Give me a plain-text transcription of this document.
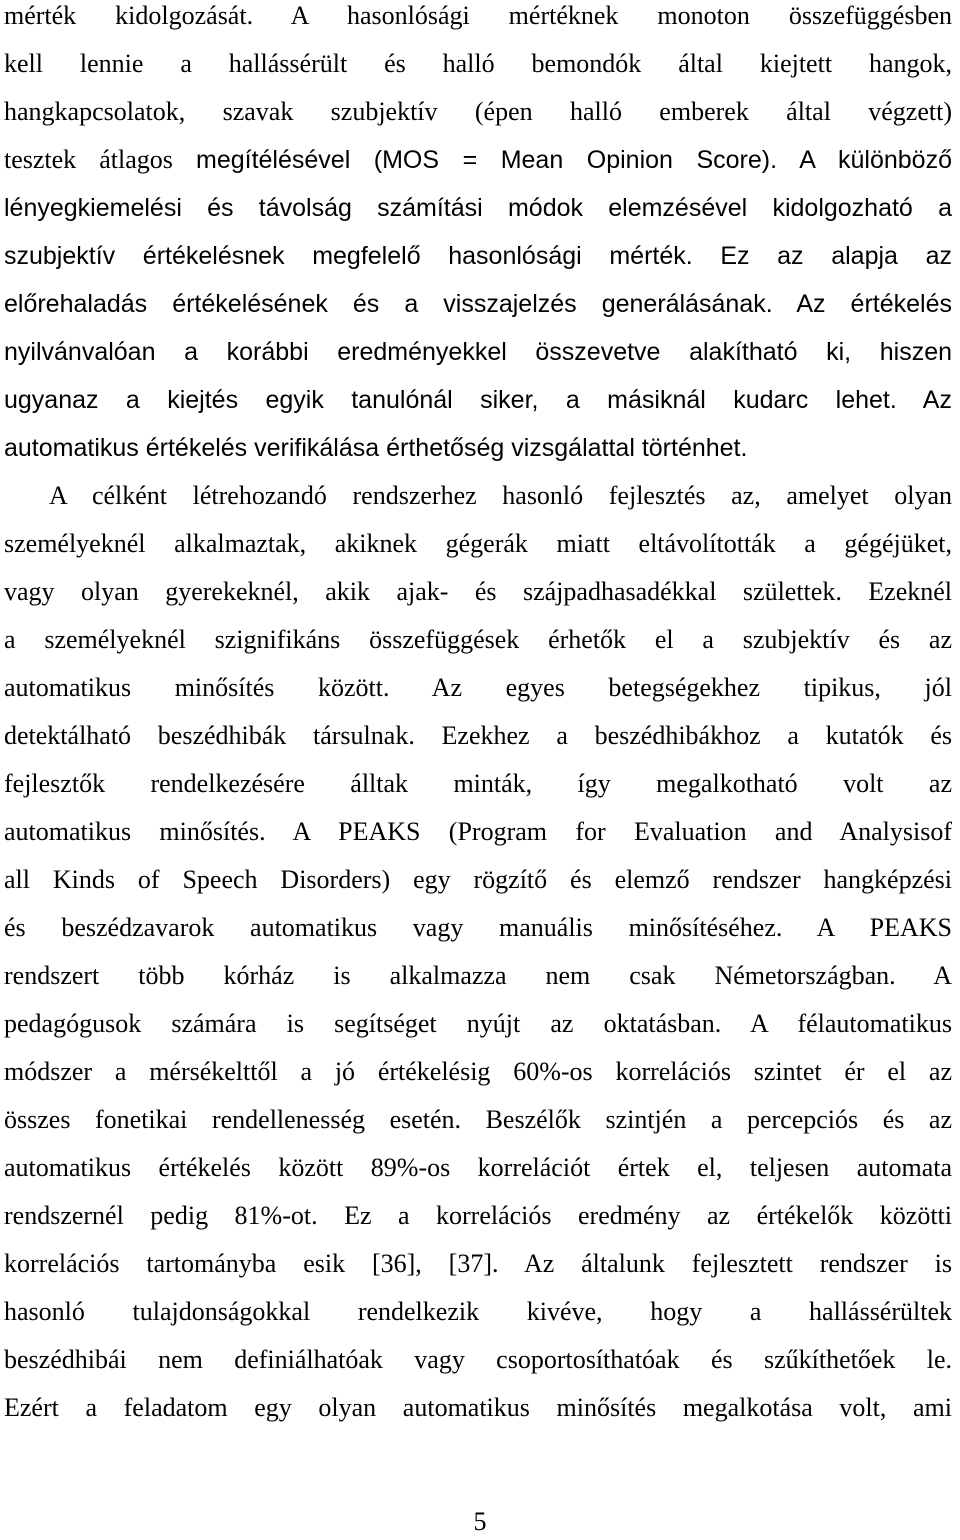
mérték kidolgozását. A hasonlósági mértéknek monoton összefüggésben
kell lennie a hallássérült és halló bemondók által kiejtett hangok,
hangkapcsolatok, szavak szubjektív (épen halló emberek által végzett)
tesztek átlagos megítélésével (MOS = Mean Opinion Score). A különböző
lényegkiemelési és távolság számítási módok elemzésével kidolgozható a
szubjektív értékelésnek megfelelő hasonlósági mérték. Ez az alapja az
előrehaladás értékelésének és a visszajelzés generálásának. Az értékelés
nyilvánvalóan a korábbi eredményekkel összevetve alakítható ki, hiszen
ugyanaz a kiejtés egyik tanulónál siker, a másiknál kudarc lehet. Az
automatikus értékelés verifikálása érthetőség vizsgálattal történhet.
A célként létrehozandó rendszerhez hasonló fejlesztés az, amelyet olyan
személyeknél alkalmaztak, akiknek gégerák miatt eltávolították a gégéjüket,
vagy olyan gyerekeknél, akik ajak- és szájpadhasadékkal születtek. Ezeknél
a személyeknél szignifikáns összefüggések érhetők el a szubjektív és az
automatikus minősítés között. Az egyes betegségekhez tipikus, jól
detektálható beszédhibák társulnak. Ezekhez a beszédhibákhoz a kutatók és
fejlesztők rendelkezésére álltak minták, így megalkotható volt az
automatikus minősítés. A PEAKS (Program for Evaluation and Analysisof
all Kinds of Speech Disorders) egy rögzítő és elemző rendszer hangképzési
és beszédzavarok automatikus vagy manuális minősítéséhez. A PEAKS
rendszert több kórház is alkalmazza nem csak Németországban. A
pedagógusok számára is segítséget nyújt az oktatásban. A félautomatikus
módszer a mérsékelttől a jó értékelésig 60%-os korrelációs szintet ér el az
összes fonetikai rendellenesség esetén. Beszélők szintjén a percepciós és az
automatikus értékelés között 89%-os korrelációt értek el, teljesen automata
rendszernél pedig 81%-ot. Ez a korrelációs eredmény az értékelők közötti
korrelációs tartományba esik [36], [37]. Az általunk fejlesztett rendszer is
hasonló tulajdonságokkal rendelkezik kivéve, hogy a hallássérültek
beszédhibái nem definiálhatóak vagy csoportosíthatóak és szűkíthetőek le.
Ezért a feladatom egy olyan automatikus minősítés megalkotása volt, ami
5
